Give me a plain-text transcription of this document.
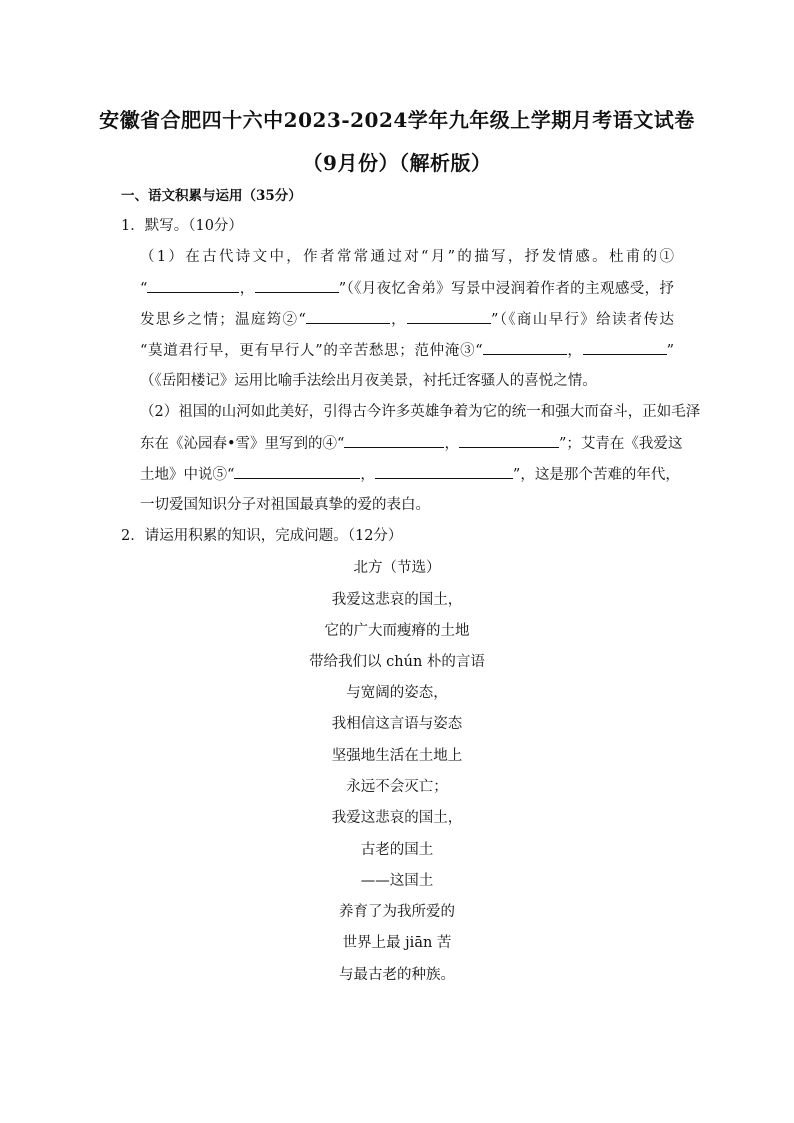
安徽省合肥四十六中2023-2024学年九年级上学期月考语文试卷
（9月份）（解析版）
一、语文积累与运用（35分）
1．默写。（10分）
（1）在古代诗文中，作者常常通过对“月”的描写，抒发情感。杜甫的①
“	，	”（《月夜忆舍弟》写景中浸润着作者的主观感受，抒
发思乡之情；温庭筠②“	，	”（《商山早行》给读者传达
“莫道君行早，更有早行人”的辛苦愁思；范仲淹③“	，	”
（《岳阳楼记》运用比喻手法绘出月夜美景，衬托迁客骚人的喜悦之情。
（2）祖国的山河如此美好，引得古今许多英雄争着为它的统一和强大而奋斗，正如毛泽
东在《沁园春•雪》里写到的④“	，	”；艾青在《我爱这
土地》中说⑤“	，	”，这是那个苦难的年代，
一切爱国知识分子对祖国最真挚的爱的表白。
2．请运用积累的知识，完成问题。（12分）
北方（节选）
我爱这悲哀的国土，
它的广大而瘦瘠的土地
带给我们以 chún 朴的言语
与宽阔的姿态，
我相信这言语与姿态
坚强地生活在土地上
永远不会灭亡；
我爱这悲哀的国土，
古老的国土
——这国土
养育了为我所爱的
世界上最 jiān 苦
与最古老的种族。
